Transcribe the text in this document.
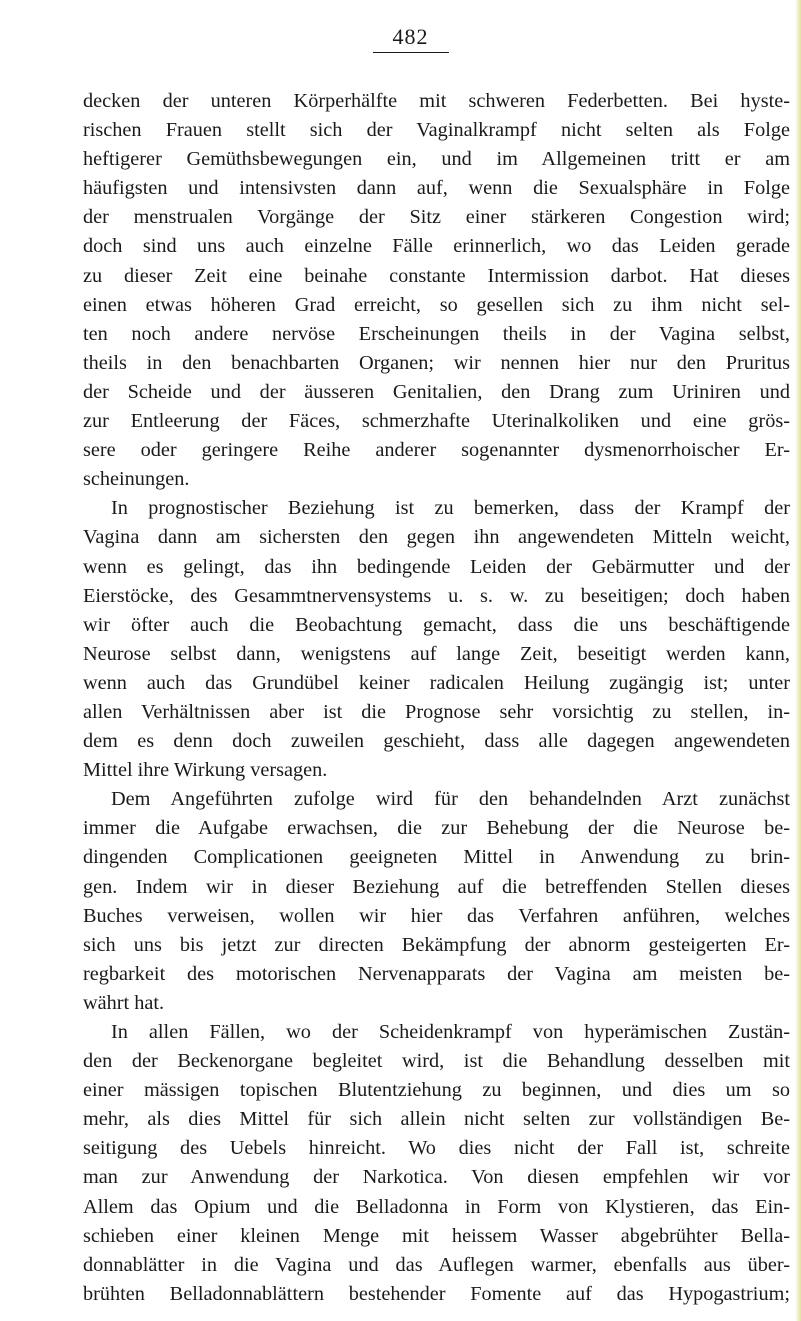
482
decken der unteren Körperhälfte mit schweren Federbetten. Bei hyste-
rischen Frauen stellt sich der Vaginalkrampf nicht selten als Folge
heftigerer Gemüthsbewegungen ein, und im Allgemeinen tritt er am
häufigsten und intensivsten dann auf, wenn die Sexualsphäre in Folge
der menstrualen Vorgänge der Sitz einer stärkeren Congestion wird;
doch sind uns auch einzelne Fälle erinnerlich, wo das Leiden gerade
zu dieser Zeit eine beinahe constante Intermission darbot. Hat dieses
einen etwas höheren Grad erreicht, so gesellen sich zu ihm nicht sel-
ten noch andere nervöse Erscheinungen theils in der Vagina selbst,
theils in den benachbarten Organen; wir nennen hier nur den Pruritus
der Scheide und der äusseren Genitalien, den Drang zum Uriniren und
zur Entleerung der Fäces, schmerzhafte Uterinalkoliken und eine grös-
sere oder geringere Reihe anderer sogenannter dysmenorrhoischer Er-
scheinungen.
In prognostischer Beziehung ist zu bemerken, dass der Krampf der
Vagina dann am sichersten den gegen ihn angewendeten Mitteln weicht,
wenn es gelingt, das ihn bedingende Leiden der Gebärmutter und der
Eierstöcke, des Gesammtnervensystems u. s. w. zu beseitigen; doch haben
wir öfter auch die Beobachtung gemacht, dass die uns beschäftigende
Neurose selbst dann, wenigstens auf lange Zeit, beseitigt werden kann,
wenn auch das Grundübel keiner radicalen Heilung zugängig ist; unter
allen Verhältnissen aber ist die Prognose sehr vorsichtig zu stellen, in-
dem es denn doch zuweilen geschieht, dass alle dagegen angewendeten
Mittel ihre Wirkung versagen.
Dem Angeführten zufolge wird für den behandelnden Arzt zunächst
immer die Aufgabe erwachsen, die zur Behebung der die Neurose be-
dingenden Complicationen geeigneten Mittel in Anwendung zu brin-
gen. Indem wir in dieser Beziehung auf die betreffenden Stellen dieses
Buches verweisen, wollen wir hier das Verfahren anführen, welches
sich uns bis jetzt zur directen Bekämpfung der abnorm gesteigerten Er-
regbarkeit des motorischen Nervenapparats der Vagina am meisten be-
währt hat.
In allen Fällen, wo der Scheidenkrampf von hyperämischen Zustän-
den der Beckenorgane begleitet wird, ist die Behandlung desselben mit
einer mässigen topischen Blutentziehung zu beginnen, und dies um so
mehr, als dies Mittel für sich allein nicht selten zur vollständigen Be-
seitigung des Uebels hinreicht. Wo dies nicht der Fall ist, schreite
man zur Anwendung der Narkotica. Von diesen empfehlen wir vor
Allem das Opium und die Belladonna in Form von Klystieren, das Ein-
schieben einer kleinen Menge mit heissem Wasser abgebrühter Bella-
donnablätter in die Vagina und das Auflegen warmer, ebenfalls aus über-
brühten Belladonnablättern bestehender Fomente auf das Hypogastrium;
